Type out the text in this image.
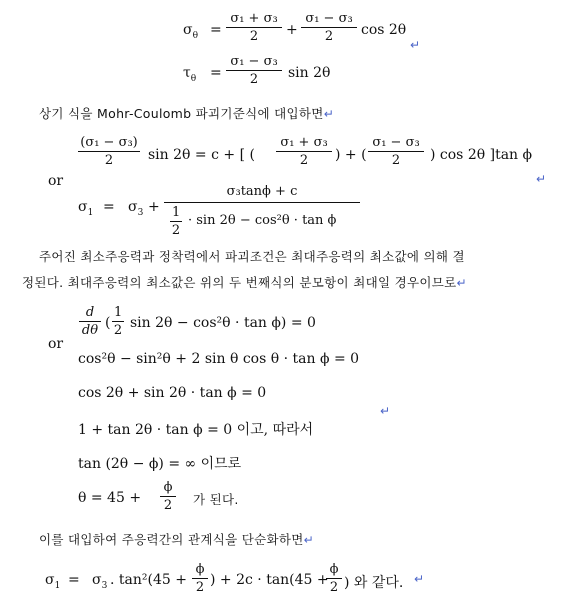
$\sigma_\theta$ =
σ₁ + σ₃
2	+
σ₁ − σ₃
2	cos 2θ
↵
$\tau_\theta$ =
σ₁ − σ₃
2	sin 2θ
상기 식을 Mohr-Coulomb 파괴기준식에 대입하면↵
(σ₁ − σ₃)
2	sin 2θ = c + [ (
σ₁ + σ₃
2	) + (
σ₁ − σ₃
2	) cos 2θ ]tan ϕ
or	↵
$\sigma_1 = \sigma_3$ +
σ₃tanϕ + c
1
2
· sin 2θ − cos²θ · tan ϕ
주어진 최소주응력과 정착력에서 파괴조건은 최대주응력의 최소값에 의해 결
정된다. 최대주응력의 최소값은 위의 두 번째식의 분모항이 최대일 경우이므로↵
d
dθ (
1
2 sin 2θ − cos²θ · tan ϕ) = 0
or
cos²θ − sin²θ + 2 sin θ cos θ · tan ϕ = 0
cos 2θ + sin 2θ · tan ϕ = 0
↵
1 + tan 2θ · tan ϕ = 0 이고, 따라서
tan (2θ − ϕ) = ∞ 이므로
θ = 45 +
ϕ
2	가 된다.
이를 대입하여 주응력간의 관계식을 단순화하면↵
$\sigma_1 = \sigma_3$ . tan²(45 +
ϕ
2 ) + 2c · tan(45 +
ϕ
2 ) 와 같다. ↵
